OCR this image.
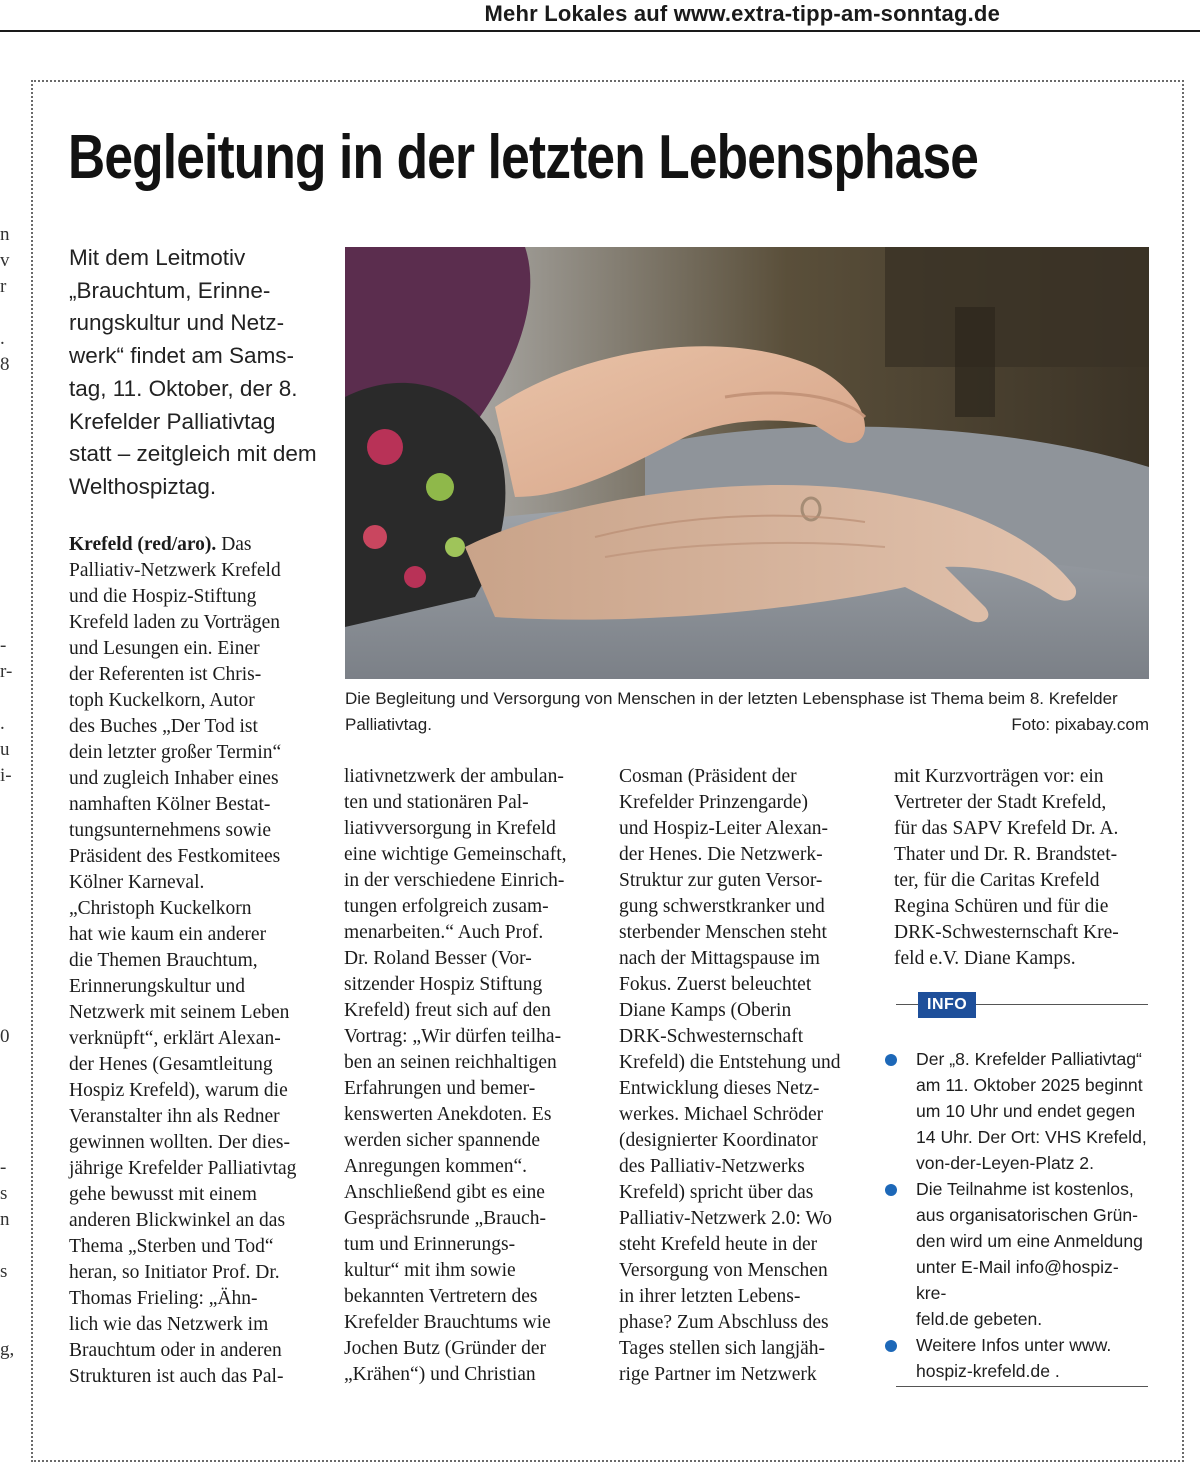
Mehr Lokales auf www.extra-tipp-am-sonntag.de
n
v
r

.
8
-
r-

.
u
i-
0
-
s
n

s

g,
Begleitung in der letzten Lebensphase
Mit dem Leitmotiv
„Brauchtum, Erinne-
rungskultur und Netz-
werk“ findet am Sams-
tag, 11. Oktober, der 8.
Krefelder Palliativtag
statt – zeitgleich mit dem
Welthospiztag.
Die Begleitung und Versorgung von Menschen in der letzten Lebensphase ist Thema beim 8. Krefelder Palliativtag.	Foto: pixabay.com
Krefeld (red/aro). Das
Palliativ-Netzwerk Krefeld
und die Hospiz-Stiftung
Krefeld laden zu Vorträgen
und Lesungen ein. Einer
der Referenten ist Chris-
toph Kuckelkorn, Autor
des Buches „Der Tod ist
dein letzter großer Termin“
und zugleich Inhaber eines
namhaften Kölner Bestat-
tungsunternehmens sowie
Präsident des Festkomitees
Kölner Karneval.
„Christoph Kuckelkorn
hat wie kaum ein anderer
die Themen Brauchtum,
Erinnerungskultur und
Netzwerk mit seinem Leben
verknüpft“, erklärt Alexan-
der Henes (Gesamtleitung
Hospiz Krefeld), warum die
Veranstalter ihn als Redner
gewinnen wollten. Der dies-
jährige Krefelder Palliativtag
gehe bewusst mit einem
anderen Blickwinkel an das
Thema „Sterben und Tod“
heran, so Initiator Prof. Dr.
Thomas Frieling: „Ähn-
lich wie das Netzwerk im
Brauchtum oder in anderen
Strukturen ist auch das Pal-
liativnetzwerk der ambulan-
ten und stationären Pal-
liativversorgung in Krefeld
eine wichtige Gemeinschaft,
in der verschiedene Einrich-
tungen erfolgreich zusam-
menarbeiten.“ Auch Prof.
Dr. Roland Besser (Vor-
sitzender Hospiz Stiftung
Krefeld) freut sich auf den
Vortrag: „Wir dürfen teilha-
ben an seinen reichhaltigen
Erfahrungen und bemer-
kenswerten Anekdoten. Es
werden sicher spannende
Anregungen kommen“.
Anschließend gibt es eine
Gesprächsrunde „Brauch-
tum und Erinnerungs-
kultur“ mit ihm sowie
bekannten Vertretern des
Krefelder Brauchtums wie
Jochen Butz (Gründer der
„Krähen“) und Christian
Cosman (Präsident der
Krefelder Prinzengarde)
und Hospiz-Leiter Alexan-
der Henes. Die Netzwerk-
Struktur zur guten Versor-
gung schwerstkranker und
sterbender Menschen steht
nach der Mittagspause im
Fokus. Zuerst beleuchtet
Diane Kamps (Oberin
DRK-Schwesternschaft
Krefeld) die Entstehung und
Entwicklung dieses Netz-
werkes. Michael Schröder
(designierter Koordinator
des Palliativ-Netzwerks
Krefeld) spricht über das
Palliativ-Netzwerk 2.0: Wo
steht Krefeld heute in der
Versorgung von Menschen
in ihrer letzten Lebens-
phase? Zum Abschluss des
Tages stellen sich langjäh-
rige Partner im Netzwerk
mit Kurzvorträgen vor: ein
Vertreter der Stadt Krefeld,
für das SAPV Krefeld Dr. A.
Thater und Dr. R. Brandstet-
ter, für die Caritas Krefeld
Regina Schüren und für die
DRK-Schwesternschaft Kre-
feld e.V. Diane Kamps.
INFO
Der „8. Krefelder Palliativtag“
am 11. Oktober 2025 beginnt
um 10 Uhr und endet gegen
14 Uhr. Der Ort: VHS Krefeld,
von-der-Leyen-Platz 2.
Die Teilnahme ist kostenlos,
aus organisatorischen Grün-
den wird um eine Anmeldung
unter E-Mail info@hospiz-kre-
feld.de gebeten.
Weitere Infos unter www.
hospiz-krefeld.de .
